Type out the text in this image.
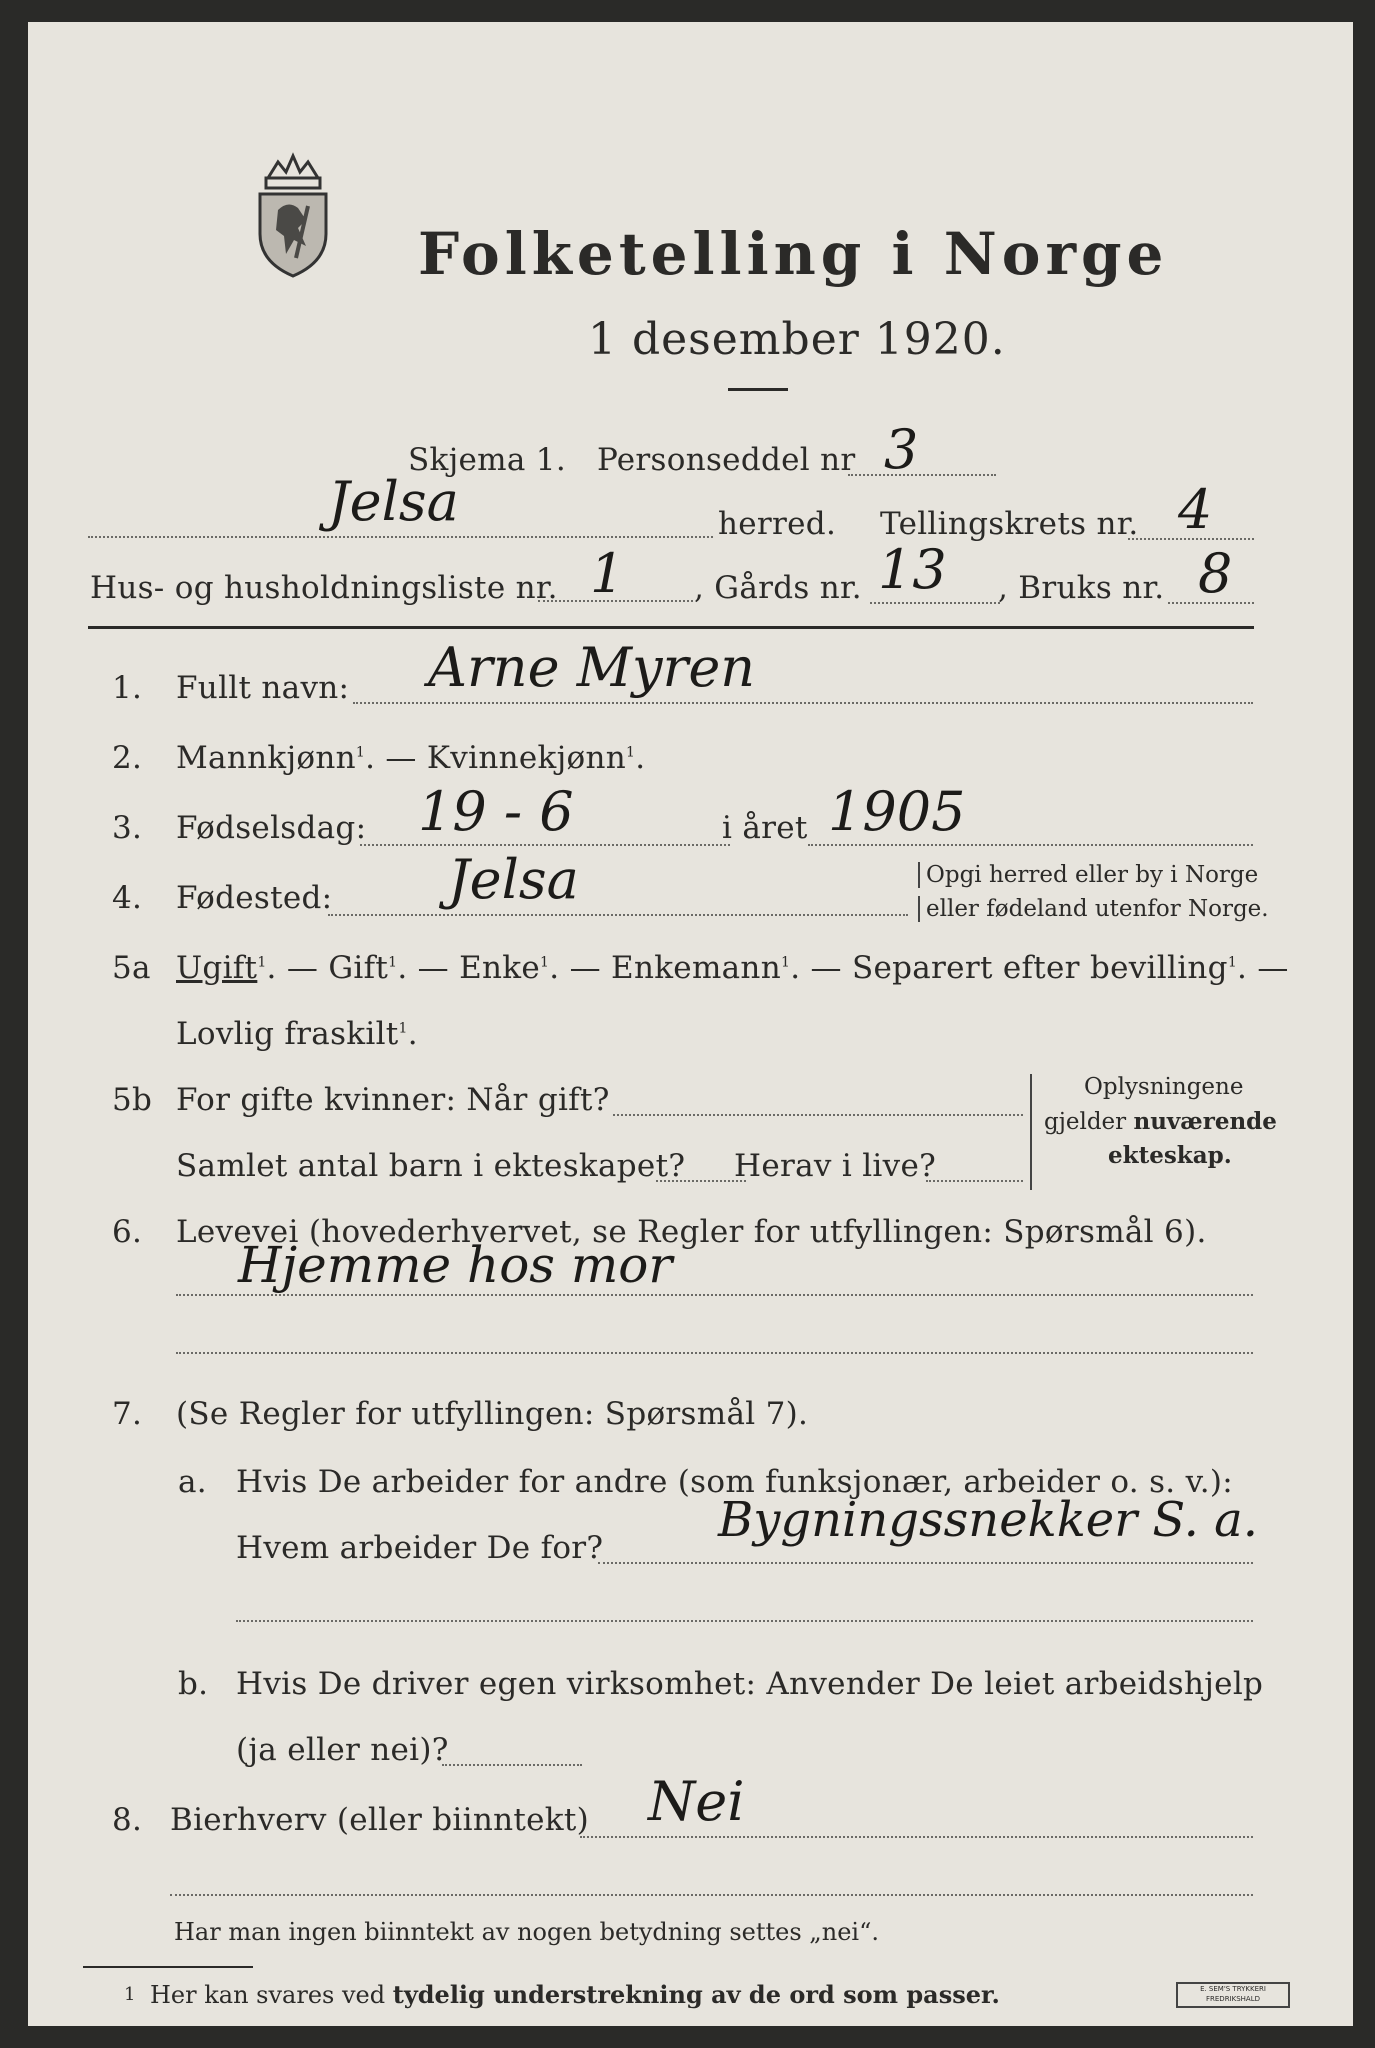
Folketelling i Norge
1 desember 1920.
Skjema 1. Personseddel nr 3
Jelsa	herred. Tellingskrets nr. 4
Hus- og husholdningsliste nr. 1 , Gårds nr. 13 , Bruks nr. 8
1. Fullt navn: Arne Myren
2. Mannkjønn$^1$. — Kvinnekjønn$^1$.
3. Fødselsdag: 19 - 6	i året 1905
4. Fødested: Jelsa	Opgi herred eller by i Norge
eller fødeland utenfor Norge.
5a Ugift$^1$. — Gift$^1$. — Enke$^1$. — Enkemann$^1$. — Separert efter bevilling$^1$. —
Lovlig fraskilt$^1$.
5b For gifte kvinner: Når gift?
Samlet antal barn i ekteskapet? Herav i live?
Oplysningene
gjelder nuværende
ekteskap.
6. Levevei (hovederhvervet, se Regler for utfyllingen: Spørsmål 6).
Hjemme hos mor
7. (Se Regler for utfyllingen: Spørsmål 7).
a. Hvis De arbeider for andre (som funksjonær, arbeider o. s. v.):
Hvem arbeider De for? Bygningssnekker S. a.
b. Hvis De driver egen virksomhet: Anvender De leiet arbeidshjelp
(ja eller nei)?
8. Bierhverv (eller biinntekt) Nei
Har man ingen biinntekt av nogen betydning settes „nei“.
1 Her kan svares ved tydelig understrekning av de ord som passer.	E. SEM'S TRYKKERI FREDRIKSHALD
